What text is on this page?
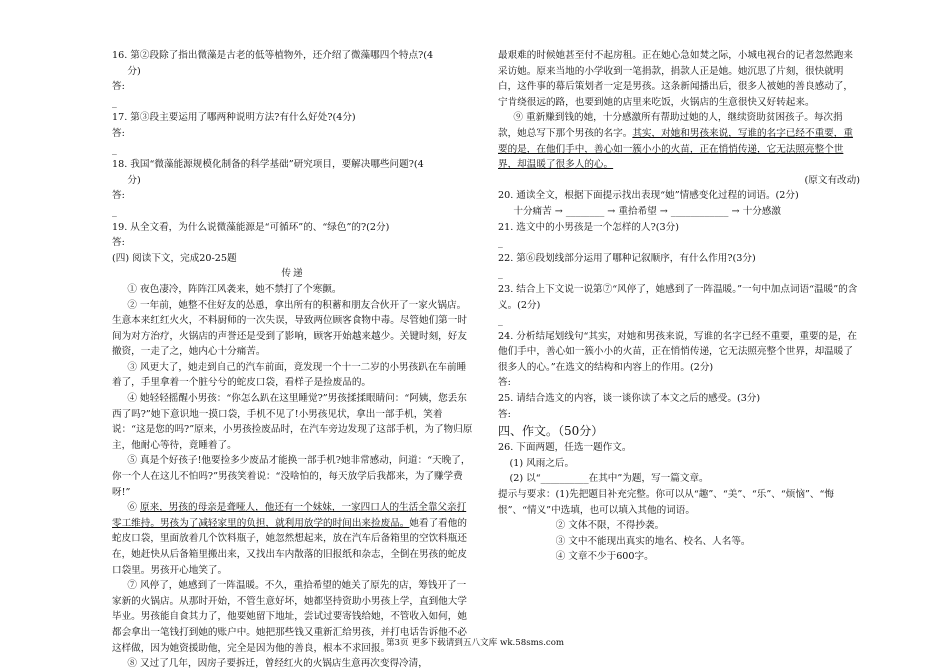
16. 第②段除了指出微藻是古老的低等植物外，还介绍了微藻哪四个特点?(4
分)
答:
_
17. 第③段主要运用了哪两种说明方法?有什么好处?(4分)
答:
_
18. 我国“微藻能源规模化制备的科学基础”研究项目，要解决哪些问题?(4
分)
答:
_
19. 从全文看，为什么说微藻能源是“可循环”的、“绿色”的?(2分)
答:
(四) 阅读下文，完成20-25题
传递
① 夜色凄冷，阵阵江风袭来，她不禁打了个寒颤。
② 一年前，她整不住好友的怂恿，拿出所有的积蓄和朋友合伙开了一家火锅店。生意本来红红火火，不料厨师的一次失误，导致两位顾客食物中毒。尽管她们第一时间为对方治疗，火锅店的声誉还是受到了影响，顾客开始越来越少。关键时刻，好友撤资，一走了之，她内心十分痛苦。
③ 风更大了，她走到自己的汽车前面，竟发现一个十一二岁的小男孩趴在车前睡着了，手里拿着一个脏兮兮的蛇皮口袋，看样子是捡废品的。
④ 她轻轻摇醒小男孩：“你怎么趴在这里睡觉?”男孩揉揉眼睛问：“阿姨，您丢东西了吗?”她下意识地一摸口袋，手机不见了!小男孩见状，拿出一部手机，笑着说：“这是您的吗?”原来，小男孩捡废品时，在汽车旁边发现了这部手机，为了物归原主，他耐心等待，竟睡着了。
⑤ 真是个好孩子!他要捡多少废品才能换一部手机?她非常感动，问道：“天晚了，你一个人在这儿不怕吗?”男孩笑着说：“没啥怕的，每天放学后我都来，为了赚学费呀!”
⑥ 原来，男孩的母亲是聋哑人，他还有一个妹妹，一家四口人的生活全靠父亲打零工维持。男孩为了减轻家里的负担，就利用放学的时间出来捡废品。她看了看他的蛇皮口袋，里面放着几个饮料瓶子，她忽然想起来，放在汽车后备箱里的空饮料瓶还在，她赶快从后备箱里搬出来，又找出车内散落的旧报纸和杂志，全倒在男孩的蛇皮口袋里。男孩开心地笑了。
⑦ 风停了，她感到了一阵温暖。不久，重拾希望的她关了原先的店，筹钱开了一家新的火锅店。从那时开始，不管生意好坏，她都坚持资助小男孩上学，直到他大学毕业。男孩能自食其力了，他要她留下地址，尝试过要寄钱给她，不管收入如何，她都会拿出一笔钱打到她的账户中。她把那些钱又重新汇给男孩，并打电话告诉他不必这样做，因为她资援助他，完全是因为他的善良，根本不求回报。
⑧ 又过了几年，因房子要拆迁，曾经红火的火锅店生意再次变得冷清，
最艰难的时候她甚至付不起房租。正在她心急如焚之际，小城电视台的记者忽然跑来采访她。原来当地的小学收到一笔捐款，捐款人正是她。她沉思了片刻，很快就明白，这件事的幕后策划者一定是男孩。这条新闻播出后，很多人被她的善良感动了，宁肯绕很远的路，也要到她的店里来吃饭，火锅店的生意很快又好转起来。
⑨ 重新赚到钱的她，十分感激所有帮助过她的人，继续资助贫困孩子。每次捐款，她总写下那个男孩的名字。其实，对她和男孩来说，写谁的名字已经不重要，重要的是，在他们手中，善心如一簇小小的火苗，正在悄悄传递，它无法照亮整个世界，却温暖了很多人的心。
(原文有改动)
20. 通读全文，根据下面提示找出表现“她”情感变化过程的词语。(2分)
十分痛苦 → ________ → 重拾希望 → ____________ → 十分感激
21. 选文中的小男孩是一个怎样的人?(3分)
_
22. 第⑥段划线部分运用了哪种记叙顺序，有什么作用?(3分)
_
23. 结合上下文说一说第⑦“风停了，她感到了一阵温暖。”一句中加点词语“温暖”的含义。(2分)
_
24. 分析结尾划线句“其实，对她和男孩来说，写谁的名字已经不重要，重要的是，在他们手中，善心如一簇小小的火苗，正在悄悄传递，它无法照亮整个世界，却温暖了很多人的心。”在选文的结构和内容上的作用。(2分)
答:
25. 请结合选文的内容，谈一谈你读了本文之后的感受。(3分)
答:
四、作文。（50分）
26. 下面两题，任选一题作文。
(1) 风雨之后。
(2) 以“__________在其中”为题，写一篇文章。
提示与要求：(1)先把题目补充完整。你可以从“趣”、“美”、“乐”、“烦恼”、“悔恨”、“情义”中选填，也可以填入其他的词语。
② 文体不限，不得抄袭。
③ 文中不能现出真实的地名、校名、人名等。
④ 文章不少于600字。
第3页 更多下载请到五八文库 wk.58sms.com
